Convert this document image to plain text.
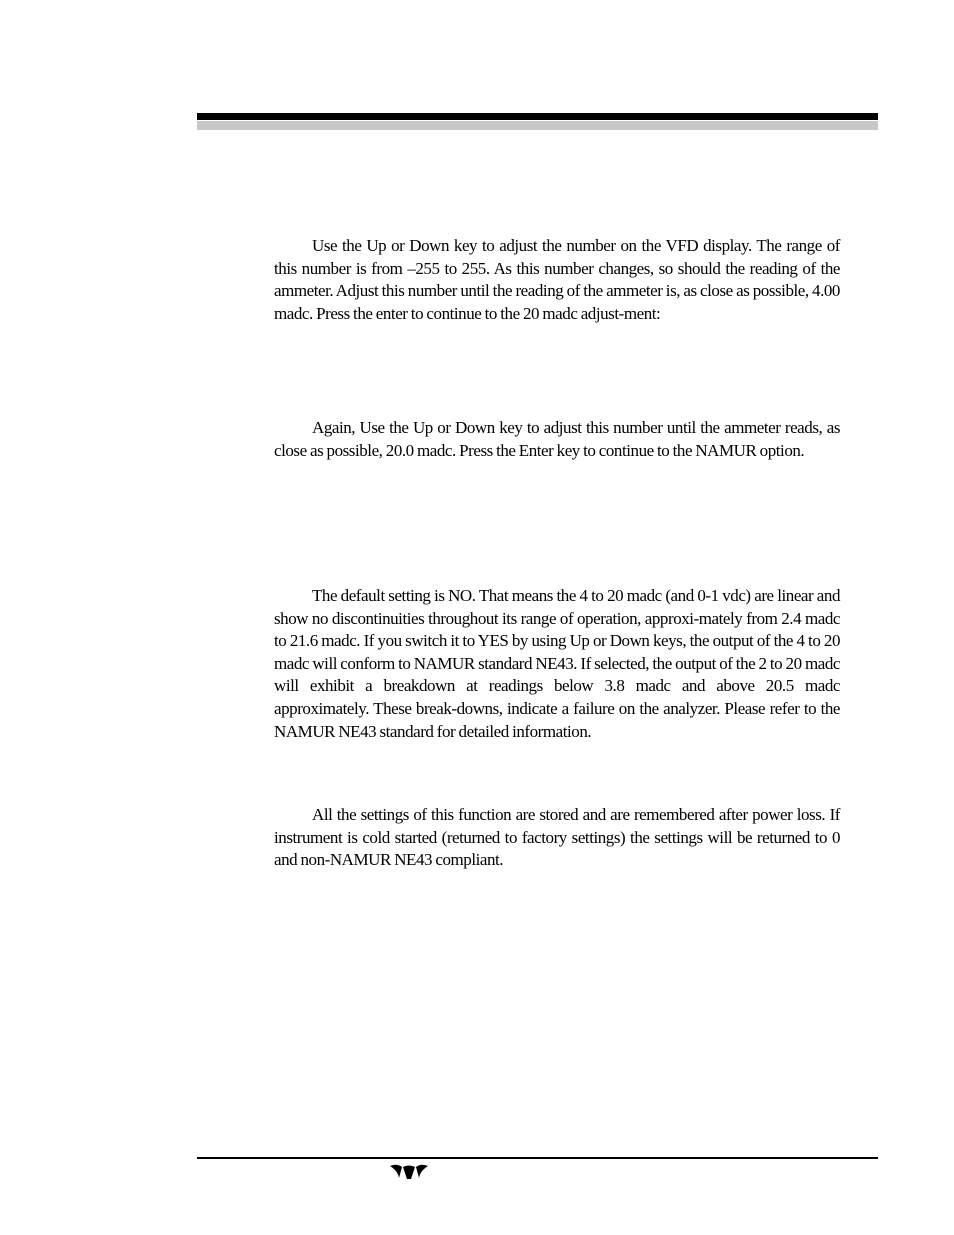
Use the Up or Down key to adjust the number on the VFD display. The range of this number is from –255 to 255. As this number changes, so should the reading of the ammeter. Adjust this number until the reading of the ammeter is, as close as possible, 4.00 madc. Press the enter to continue to the 20 madc adjust-ment:

Again, Use the Up or Down key to adjust this number until the ammeter reads, as close as possible, 20.0 madc. Press the Enter key to continue to the NAMUR option.

The default setting is NO. That means the 4 to 20 madc (and 0-1 vdc) are linear and show no discontinuities throughout its range of operation, approxi-mately from 2.4 madc to 21.6 madc. If you switch it to YES by using Up or Down keys, the output of the 4 to 20 madc will conform to NAMUR standard NE43. If selected, the output of the 2 to 20 madc will exhibit a breakdown at readings below 3.8 madc and above 20.5 madc approximately. These break-downs, indicate a failure on the analyzer. Please refer to the NAMUR NE43 standard for detailed information.

All the settings of this function are stored and are remembered after power loss. If instrument is cold started (returned to factory settings) the settings will be returned to 0 and non-NAMUR NE43 compliant.
